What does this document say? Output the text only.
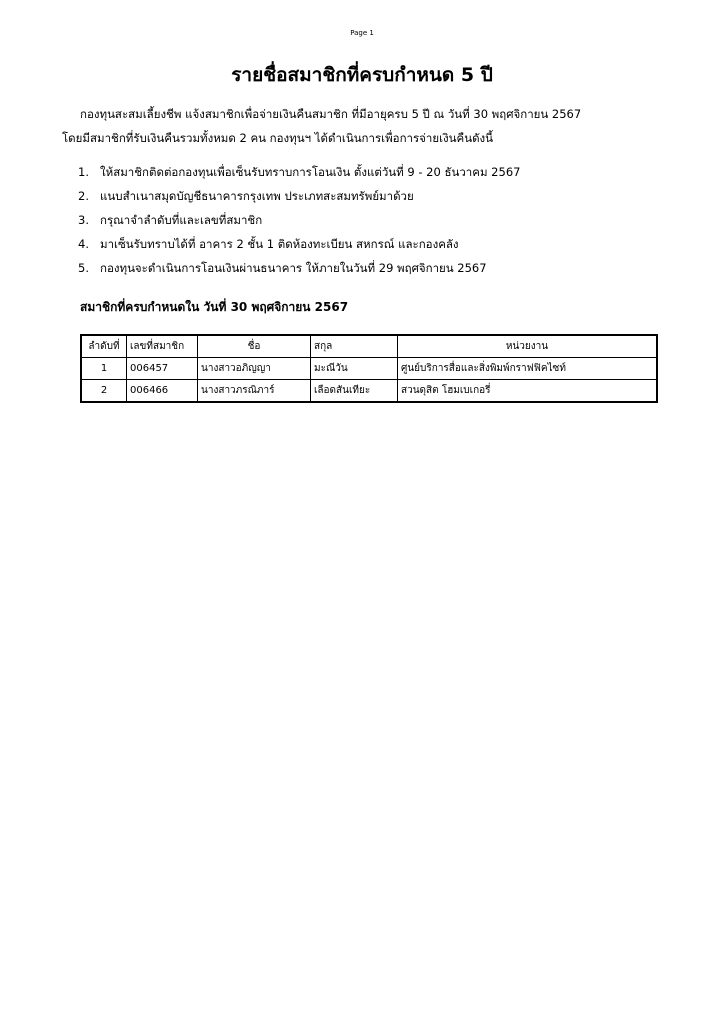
Page 1
รายชื่อสมาชิกที่ครบกำหนด 5 ปี
กองทุนสะสมเลี้ยงชีพ แจ้งสมาชิกเพื่อจ่ายเงินคืนสมาชิก ที่มีอายุครบ 5 ปี ณ วันที่ 30 พฤศจิกายน 2567
โดยมีสมาชิกที่รับเงินคืนรวมทั้งหมด 2 คน กองทุนฯ ได้ดำเนินการเพื่อการจ่ายเงินคืนดังนี้
1. ให้สมาชิกติดต่อกองทุนเพื่อเซ็นรับทราบการโอนเงิน ตั้งแต่วันที่ 9 - 20 ธันวาคม 2567
2. แนบสำเนาสมุดบัญชีธนาคารกรุงเทพ ประเภทสะสมทรัพย์มาด้วย
3. กรุณาจำลำดับที่และเลขที่สมาชิก
4. มาเซ็นรับทราบได้ที่ อาคาร 2 ชั้น 1 ติดห้องทะเบียน สหกรณ์ และกองคลัง
5. กองทุนจะดำเนินการโอนเงินผ่านธนาคาร ให้ภายในวันที่ 29 พฤศจิกายน 2567
สมาชิกที่ครบกำหนดใน วันที่ 30 พฤศจิกายน 2567
ลำดับที่	เลขที่สมาชิก	ชื่อ	สกุล	หน่วยงาน
1	006457	นางสาวอภิญญา	มะณีวัน	ศูนย์บริการสื่อและสิ่งพิมพ์กราฟฟิคไซท์
2	006466	นางสาวภรณิภาร์	เลือดสันเทียะ	สวนดุสิต โฮมเบเกอรี่
